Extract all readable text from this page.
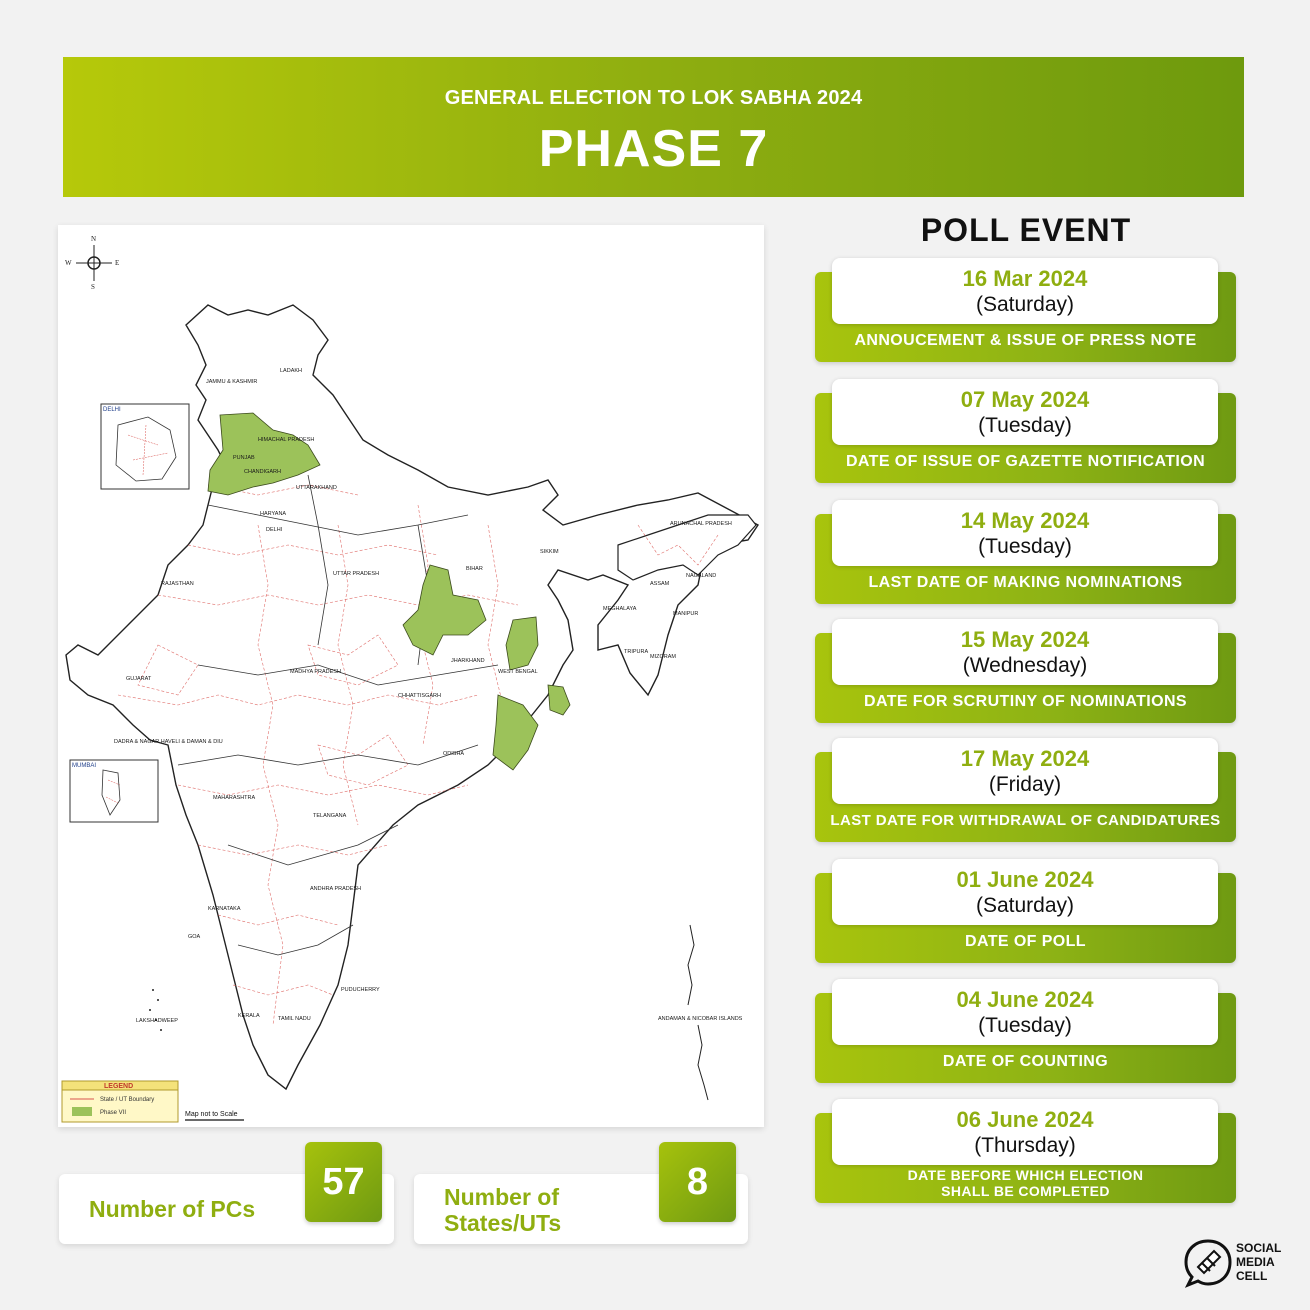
GENERAL ELECTION TO LOK SABHA 2024
PHASE 7
N
S
E
W
DELHI
MUMBAI
LADAKH
JAMMU & KASHMIR
HIMACHAL PRADESH
PUNJAB
CHANDIGARH
UTTARAKHAND
HARYANA
DELHI
RAJASTHAN
UTTAR PRADESH
BIHAR
SIKKIM
ARUNACHAL PRADESH
ASSAM
NAGALAND
MEGHALAYA
MANIPUR
TRIPURA
MIZORAM
WEST BENGAL
JHARKHAND
MADHYA PRADESH
GUJARAT
CHHATTISGARH
ODISHA
DADRA & NAGAR HAVELI & DAMAN & DIU
MAHARASHTRA
TELANGANA
ANDHRA PRADESH
KARNATAKA
GOA
PUDUCHERRY
LAKSHADWEEP
KERALA	TAMIL NADU	ANDAMAN & NICOBAR ISLANDS
LEGEND
State / UT Boundary
Phase VII	Map not to Scale
POLL EVENT
16 Mar 2024
(Saturday)
ANNOUCEMENT & ISSUE OF PRESS NOTE
07 May 2024
(Tuesday)
DATE OF ISSUE OF GAZETTE NOTIFICATION
14 May 2024
(Tuesday)
LAST DATE OF MAKING NOMINATIONS
15 May 2024
(Wednesday)
DATE FOR SCRUTINY OF NOMINATIONS
17 May 2024
(Friday)
LAST DATE FOR WITHDRAWAL OF CANDIDATURES
01 June 2024
(Saturday)
DATE OF POLL
04 June 2024
(Tuesday)
DATE OF COUNTING
06 June 2024
(Thursday)
DATE BEFORE WHICH ELECTION
SHALL BE COMPLETED
Number of PCs
57	Number of
States/UTs
8
SOCIAL
MEDIA
CELL
